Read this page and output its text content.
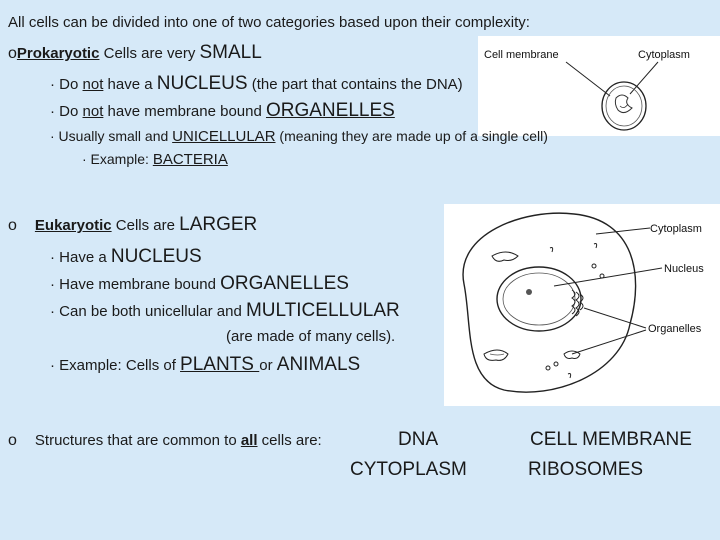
All cells can be divided into one of two categories based upon their complexity:
oProkaryotic Cells are very SMALL	Cell membrane	Cytoplasm
· Do not have a NUCLEUS (the part that contains the DNA)
· Do not have membrane bound ORGANELLES
· Usually small and UNICELLULAR (meaning they are made up of a single cell)
· Example: BACTERIA
o Eukaryotic Cells are LARGER	Cytoplasm
Nucleus
Organelles
· Have a NUCLEUS
· Have membrane bound ORGANELLES
· Can be both unicellular and MULTICELLULAR
(are made of many cells).
· Example: Cells of PLANTS or ANIMALS
o Structures that are common to all cells are:	DNA	CELL MEMBRANE
CYTOPLASM	RIBOSOMES
